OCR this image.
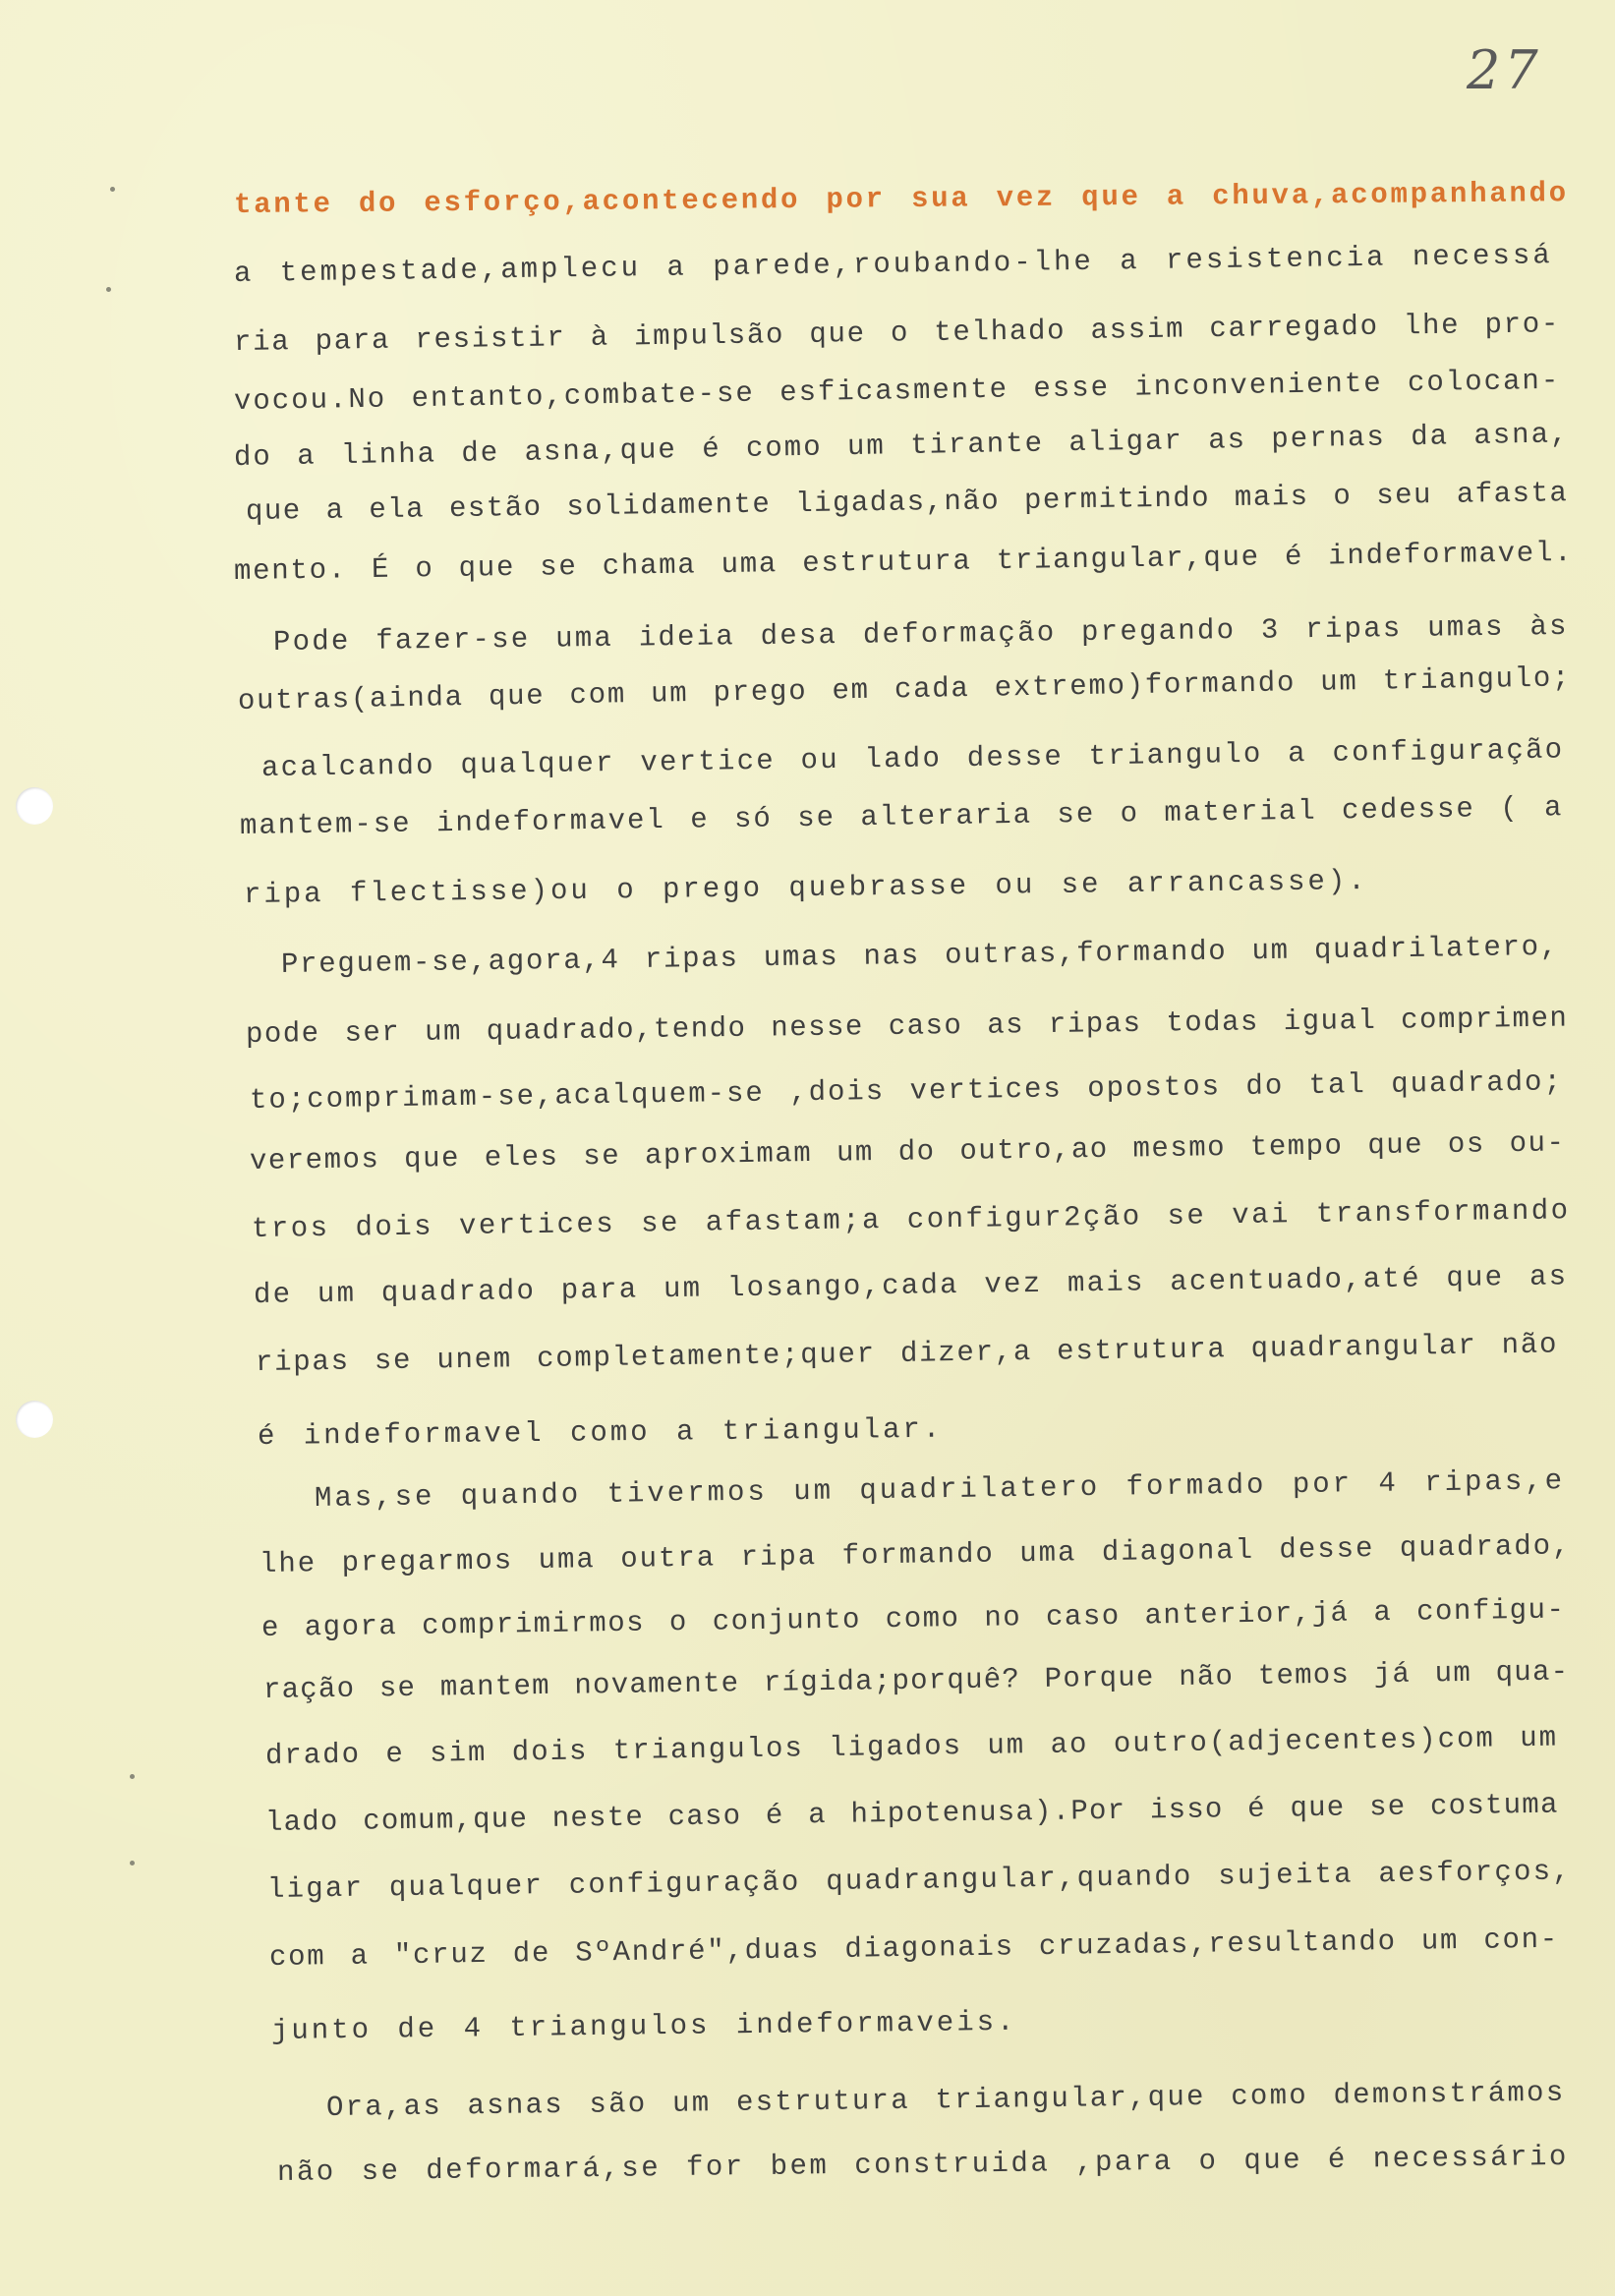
27
tante do esforço,acontecendo por sua vez que a chuva,acompanhando
a tempestade,amplecu a parede,roubando-lhe a resistencia necessá
ria para resistir à impulsão que o telhado assim carregado lhe pro-
vocou.No entanto,combate-se esficasmente esse inconveniente colocan-
do a linha de asna,que é como um tirante aligar as pernas da asna,
que a ela estão solidamente ligadas,não permitindo mais o seu afasta
mento. É o que se chama uma estrutura triangular,que é indeformavel.
Pode fazer-se uma ideia desa deformação pregando 3 ripas umas às
outras(ainda que com um prego em cada extremo)formando um triangulo;
acalcando qualquer vertice ou lado desse triangulo a configuração
mantem-se indeformavel e só se alteraria se o material cedesse ( a
ripa flectisse)ou o prego quebrasse ou se arrancasse).
Preguem-se,agora,4 ripas umas nas outras,formando um quadrilatero,
pode ser um quadrado,tendo nesse caso as ripas todas igual comprimen
to;comprimam-se,acalquem-se ,dois vertices opostos do tal quadrado;
veremos que eles se aproximam um do outro,ao mesmo tempo que os ou-
tros dois vertices se afastam;a configur2ção se vai transformando
de um quadrado para um losango,cada vez mais acentuado,até que as
ripas se unem completamente;quer dizer,a estrutura quadrangular não
é indeformavel como a triangular.
Mas,se quando tivermos um quadrilatero formado por 4 ripas,e
lhe pregarmos uma outra ripa formando uma diagonal desse quadrado,
e agora comprimirmos o conjunto como no caso anterior,já a configu-
ração se mantem novamente rígida;porquê? Porque não temos já um qua-
drado e sim dois triangulos ligados um ao outro(adjecentes)com um
lado comum,que neste caso é a hipotenusa).Por isso é que se costuma
ligar qualquer configuração quadrangular,quando sujeita aesforços,
com a "cruz de SºAndré",duas diagonais cruzadas,resultando um con-
junto de 4 triangulos indeformaveis.
Ora,as asnas são um estrutura triangular,que como demonstrámos
não se deformará,se for bem construida ,para o que é necessário
